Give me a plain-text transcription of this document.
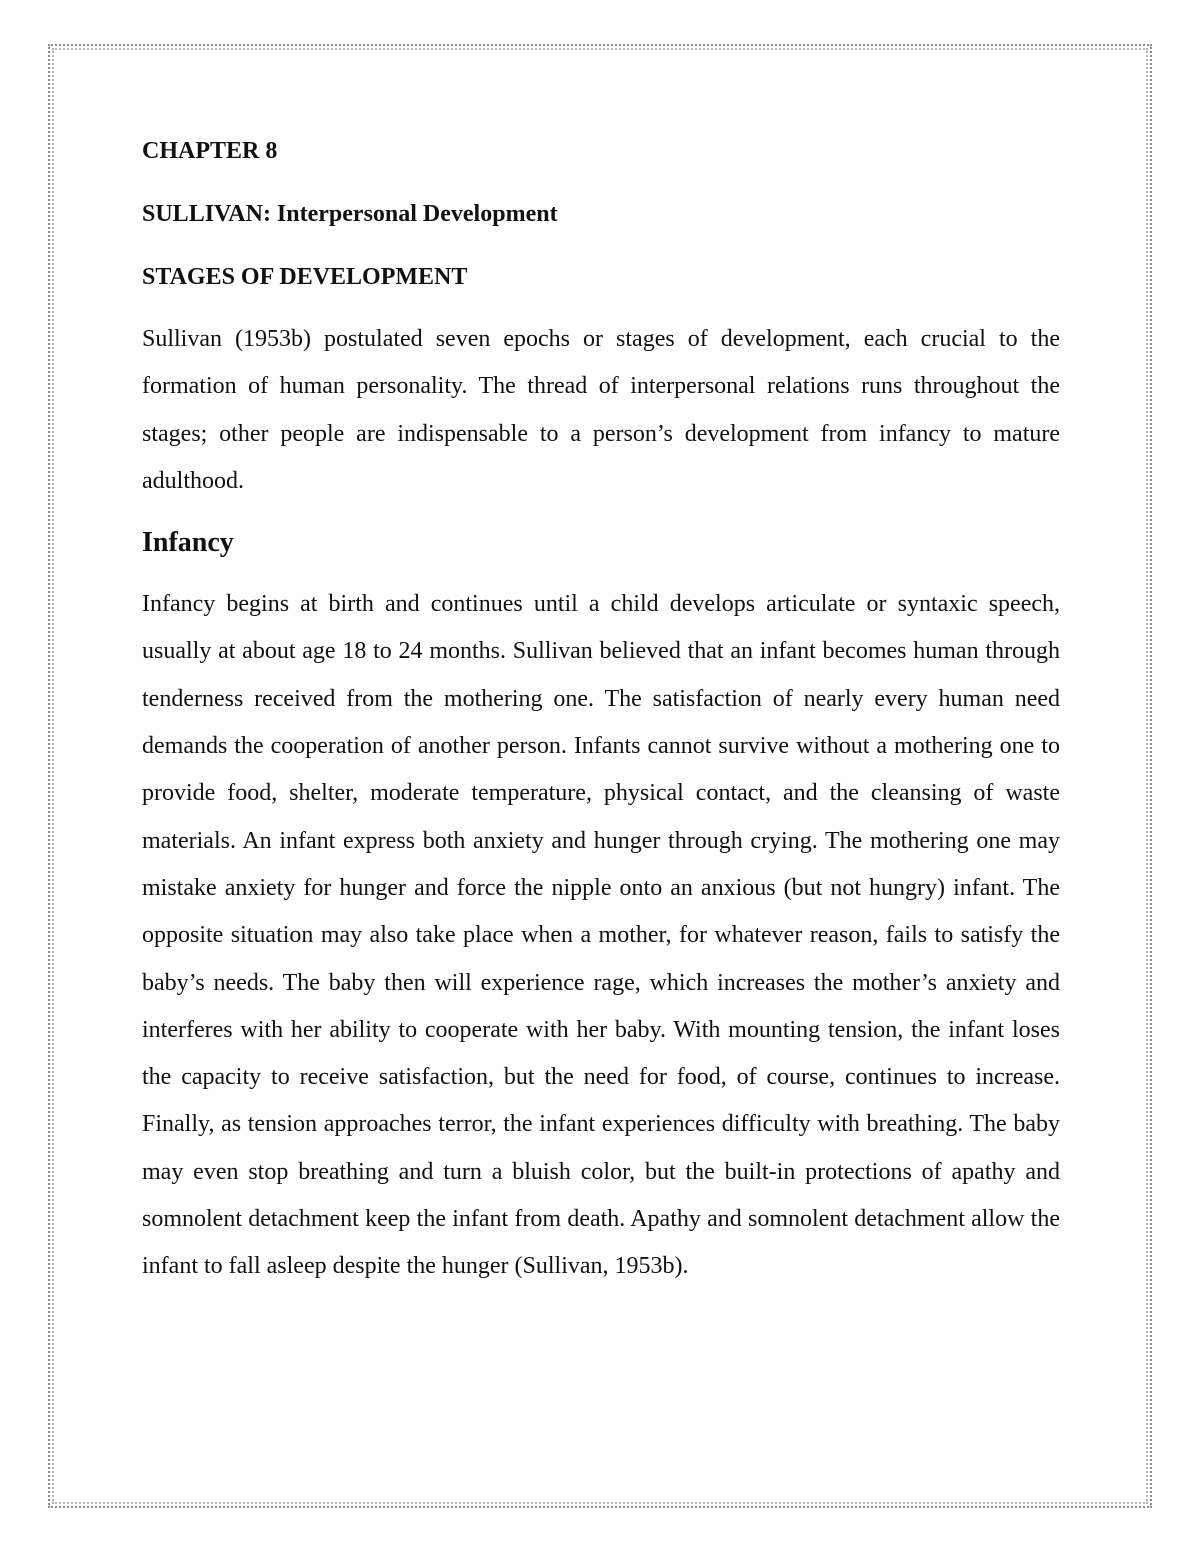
CHAPTER 8

SULLIVAN: Interpersonal Development

STAGES OF DEVELOPMENT

Sullivan (1953b) postulated seven epochs or stages of development, each crucial to the formation of human personality. The thread of interpersonal relations runs throughout the stages; other people are indispensable to a person’s development from infancy to mature adulthood.

Infancy

Infancy begins at birth and continues until a child develops articulate or syntaxic speech, usually at about age 18 to 24 months. Sullivan believed that an infant becomes human through tenderness received from the mothering one. The satisfaction of nearly every human need demands the cooperation of another person. Infants cannot survive without a mothering one to provide food, shelter, moderate temperature, physical contact, and the cleansing of waste materials. An infant express both anxiety and hunger through crying. The mothering one may mistake anxiety for hunger and force the nipple onto an anxious (but not hungry) infant. The opposite situation may also take place when a mother, for whatever reason, fails to satisfy the baby’s needs. The baby then will experience rage, which increases the mother’s anxiety and interferes with her ability to cooperate with her baby. With mounting tension, the infant loses the capacity to receive satisfaction, but the need for food, of course, continues to increase. Finally, as tension approaches terror, the infant experiences difficulty with breathing. The baby may even stop breathing and turn a bluish color, but the built-in protections of apathy and somnolent detachment keep the infant from death. Apathy and somnolent detachment allow the infant to fall asleep despite the hunger (Sullivan, 1953b).
